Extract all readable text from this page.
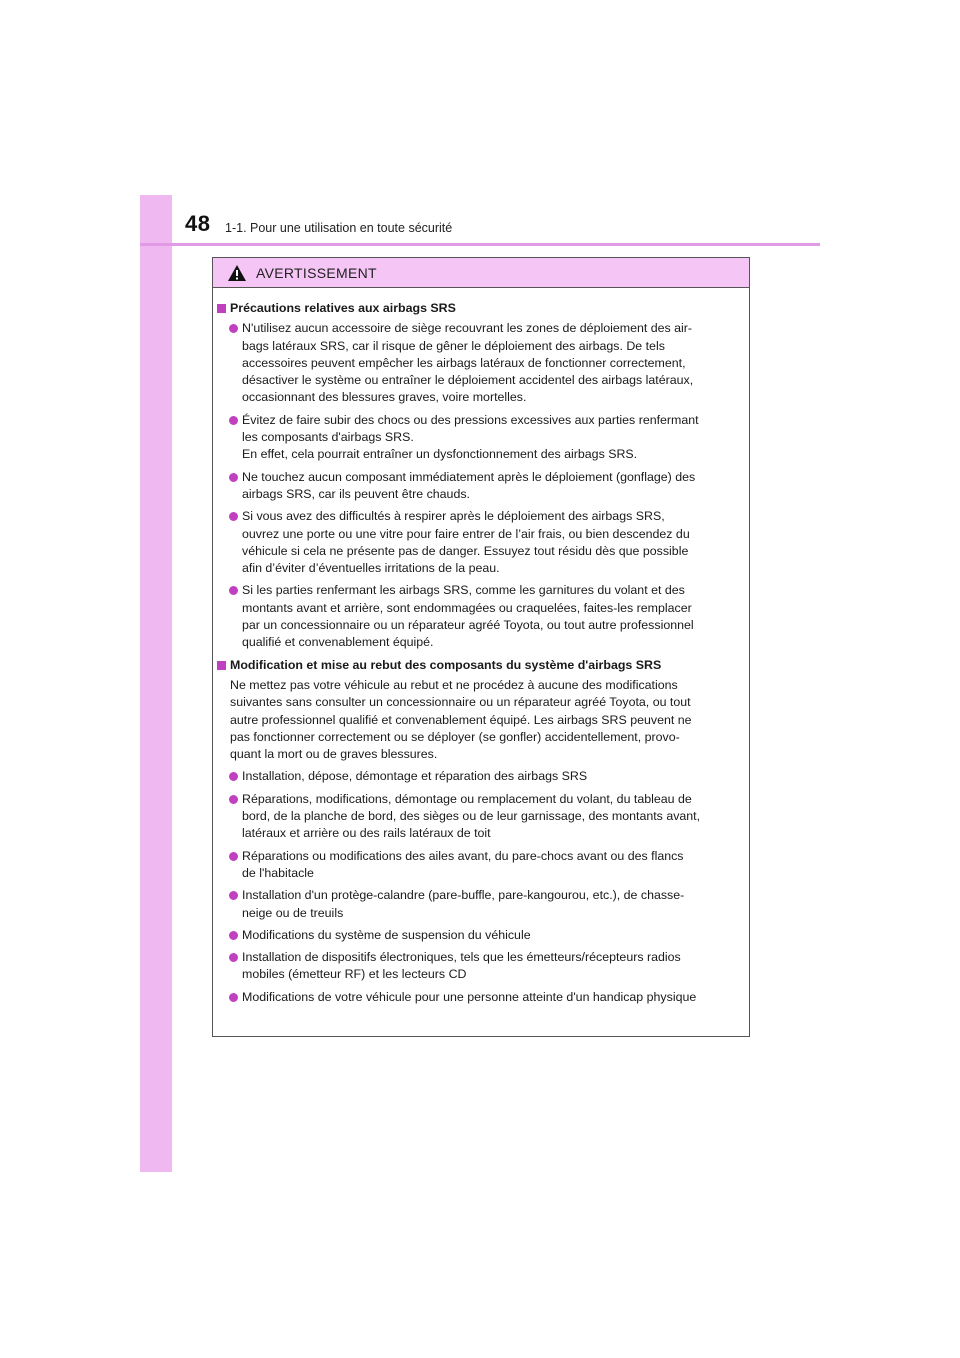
48 1-1. Pour une utilisation en toute sécurité
AVERTISSEMENT
Précautions relatives aux airbags SRS
N'utilisez aucun accessoire de siège recouvrant les zones de déploiement des air-
bags latéraux SRS, car il risque de gêner le déploiement des airbags. De tels
accessoires peuvent empêcher les airbags latéraux de fonctionner correctement,
désactiver le système ou entraîner le déploiement accidentel des airbags latéraux,
occasionnant des blessures graves, voire mortelles.
Évitez de faire subir des chocs ou des pressions excessives aux parties renfermant
les composants d'airbags SRS.
En effet, cela pourrait entraîner un dysfonctionnement des airbags SRS.
Ne touchez aucun composant immédiatement après le déploiement (gonflage) des
airbags SRS, car ils peuvent être chauds.
Si vous avez des difficultés à respirer après le déploiement des airbags SRS,
ouvrez une porte ou une vitre pour faire entrer de l’air frais, ou bien descendez du
véhicule si cela ne présente pas de danger. Essuyez tout résidu dès que possible
afin d’éviter d’éventuelles irritations de la peau.
Si les parties renfermant les airbags SRS, comme les garnitures du volant et des
montants avant et arrière, sont endommagées ou craquelées, faites-les remplacer
par un concessionnaire ou un réparateur agréé Toyota, ou tout autre professionnel
qualifié et convenablement équipé.
Modification et mise au rebut des composants du système d'airbags SRS
Ne mettez pas votre véhicule au rebut et ne procédez à aucune des modifications
suivantes sans consulter un concessionnaire ou un réparateur agréé Toyota, ou tout
autre professionnel qualifié et convenablement équipé. Les airbags SRS peuvent ne
pas fonctionner correctement ou se déployer (se gonfler) accidentellement, provo-
quant la mort ou de graves blessures.
Installation, dépose, démontage et réparation des airbags SRS
Réparations, modifications, démontage ou remplacement du volant, du tableau de
bord, de la planche de bord, des sièges ou de leur garnissage, des montants avant,
latéraux et arrière ou des rails latéraux de toit
Réparations ou modifications des ailes avant, du pare-chocs avant ou des flancs
de l'habitacle
Installation d'un protège-calandre (pare-buffle, pare-kangourou, etc.), de chasse-
neige ou de treuils
Modifications du système de suspension du véhicule
Installation de dispositifs électroniques, tels que les émetteurs/récepteurs radios
mobiles (émetteur RF) et les lecteurs CD
Modifications de votre véhicule pour une personne atteinte d'un handicap physique
